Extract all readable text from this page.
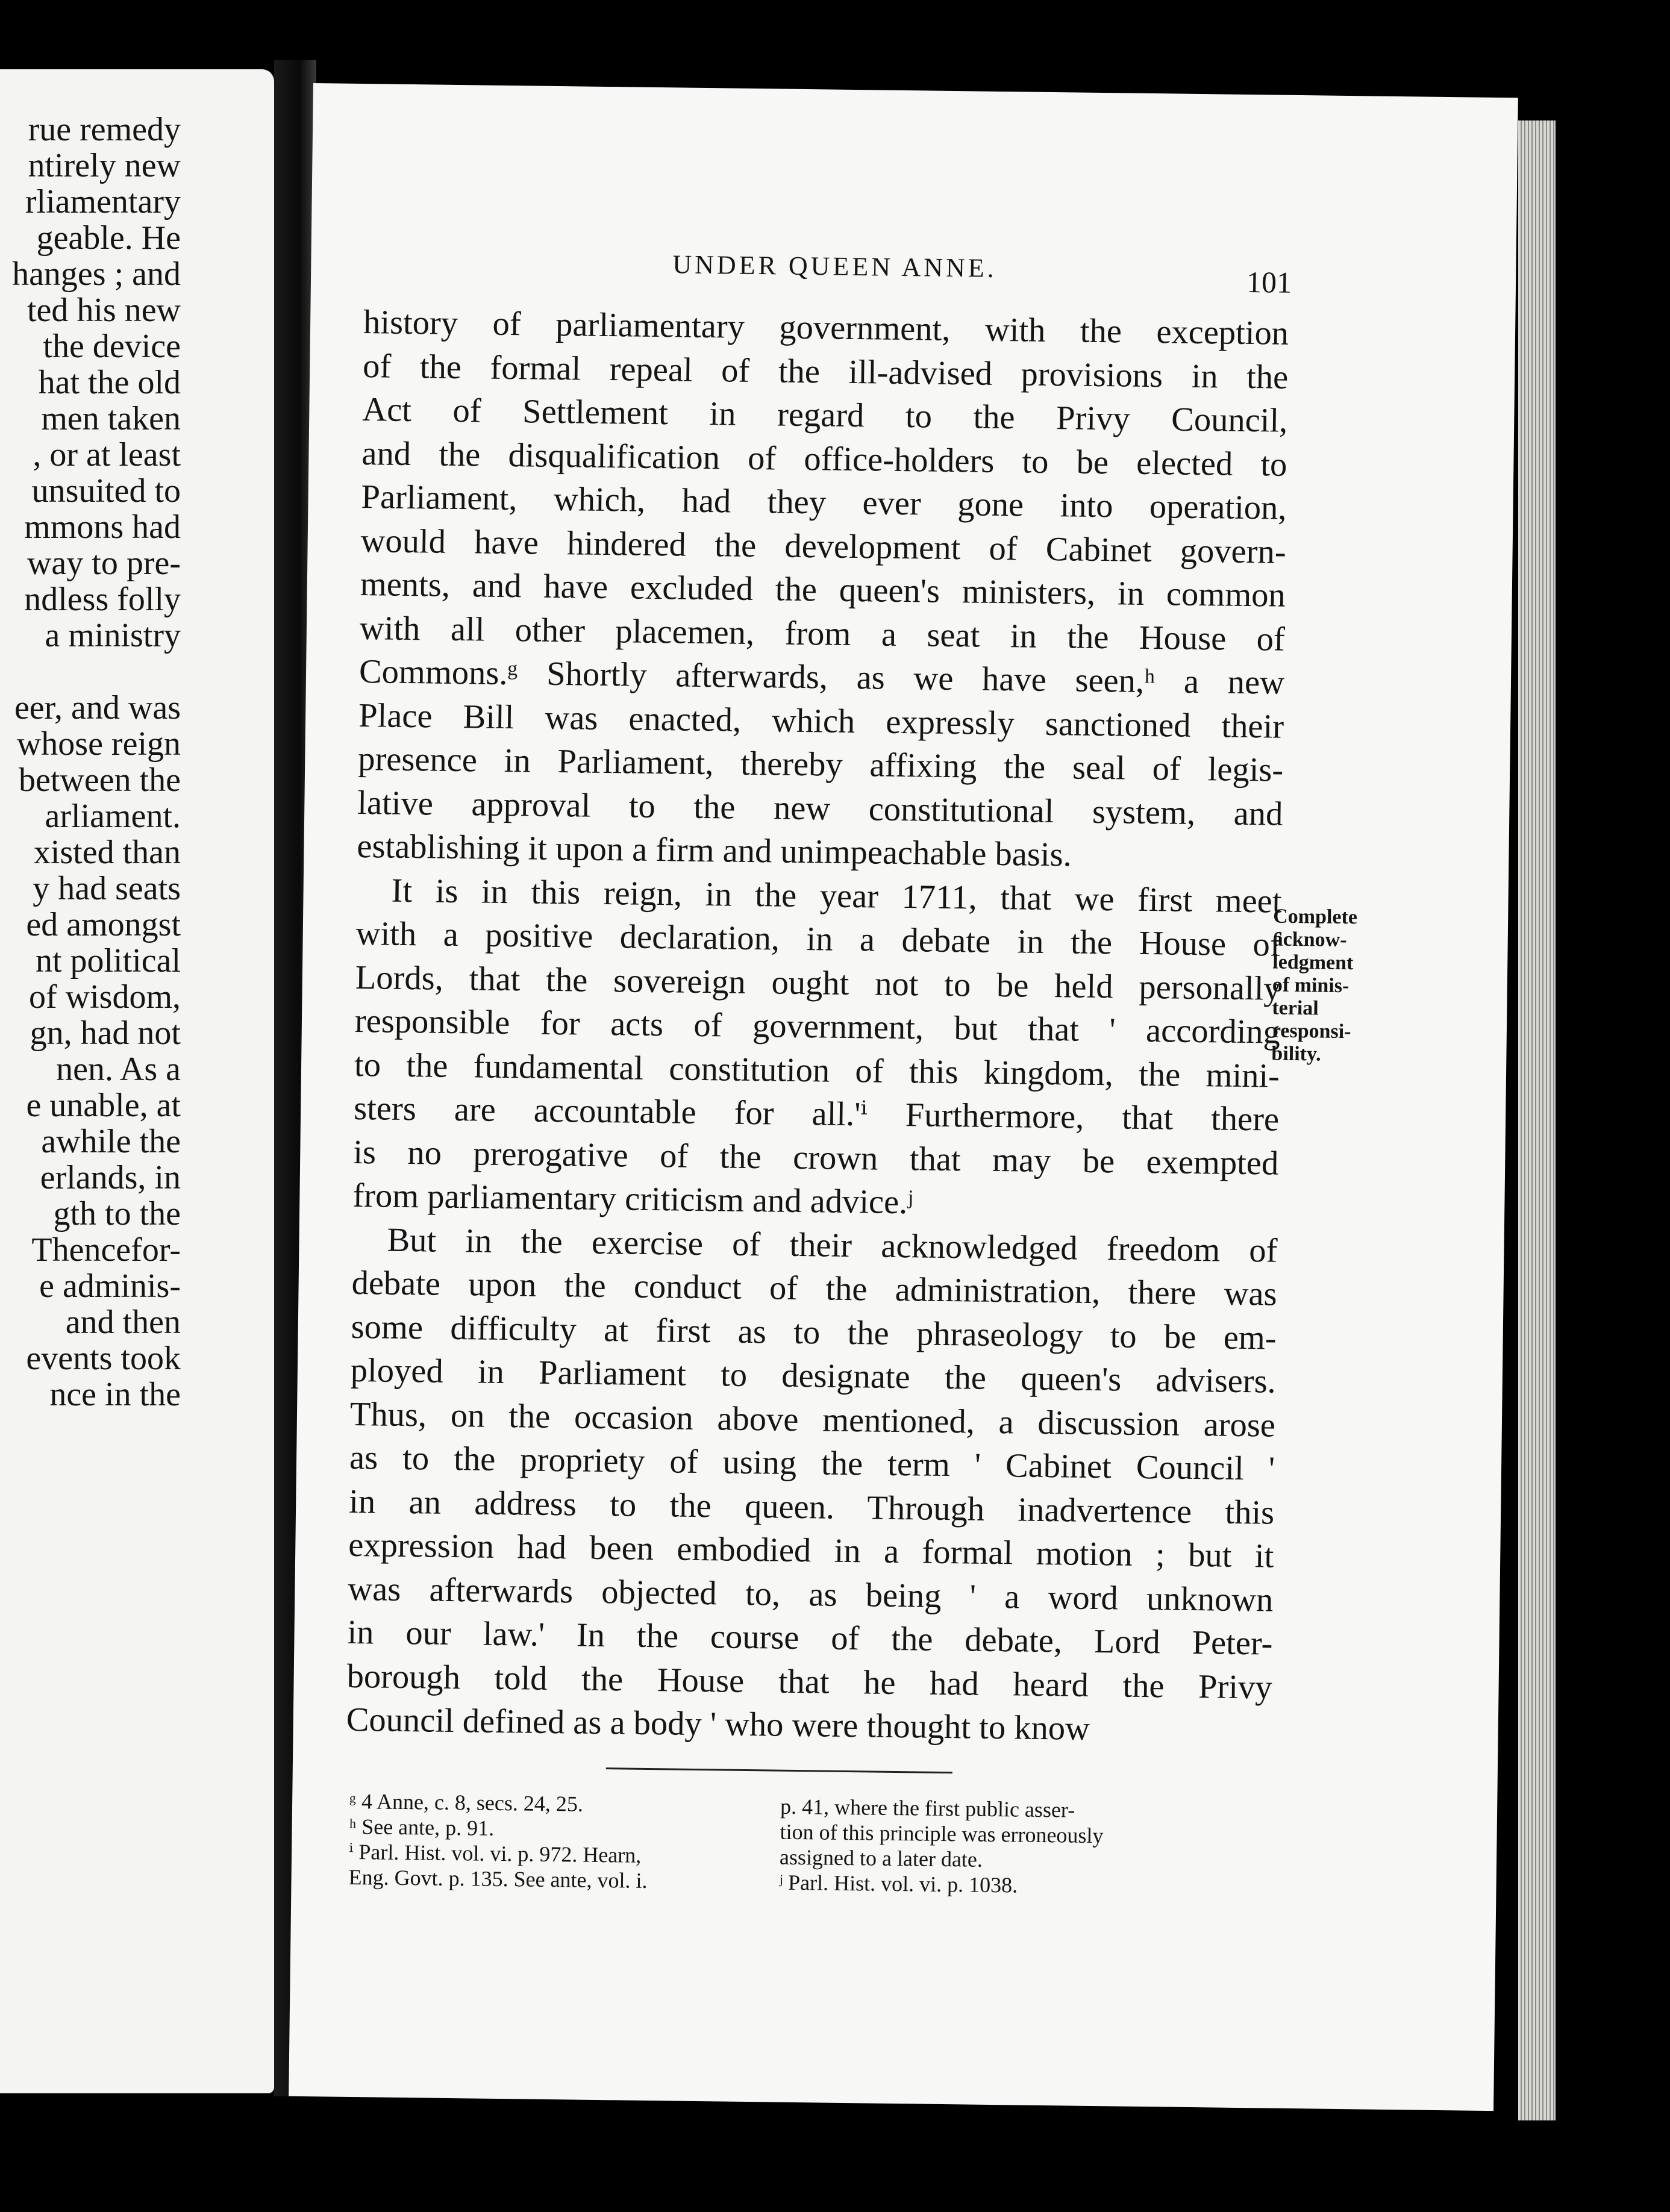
rue remedy
ntirely new
rliamentary
geable. He
hanges ; and
ted his new
the device
hat the old
men taken
, or at least
unsuited to
mmons had
way to pre-
ndless folly
a ministry
eer, and was
whose reign
between the
arliament.
xisted than
y had seats
ed amongst
nt political
of wisdom,
gn, had not
nen. As a
e unable, at
awhile the
erlands, in
gth to the
Thencefor-
e adminis-
and then
events took
nce in the
UNDER QUEEN ANNE.	101
history of parliamentary government, with the exception
of the formal repeal of the ill-advised provisions in the
Act of Settlement in regard to the Privy Council,
and the disqualification of office-holders to be elected to
Parliament, which, had they ever gone into operation,
would have hindered the development of Cabinet govern-
ments, and have excluded the queen's ministers, in common
with all other placemen, from a seat in the House of
Commons.ᵍ Shortly afterwards, as we have seen,ʰ a new
Place Bill was enacted, which expressly sanctioned their
presence in Parliament, thereby affixing the seal of legis-
lative approval to the new constitutional system, and
establishing it upon a firm and unimpeachable basis.
It is in this reign, in the year 1711, that we first meet
with a positive declaration, in a debate in the House of
Lords, that the sovereign ought not to be held personally
responsible for acts of government, but that ' according
to the fundamental constitution of this kingdom, the mini-
sters are accountable for all.'ⁱ Furthermore, that there
is no prerogative of the crown that may be exempted
from parliamentary criticism and advice.ʲ
But in the exercise of their acknowledged freedom of
debate upon the conduct of the administration, there was
some difficulty at first as to the phraseology to be em-
ployed in Parliament to designate the queen's advisers.
Thus, on the occasion above mentioned, a discussion arose
as to the propriety of using the term ' Cabinet Council '
in an address to the queen. Through inadvertence this
expression had been embodied in a formal motion ; but it
was afterwards objected to, as being ' a word unknown
in our law.' In the course of the debate, Lord Peter-
borough told the House that he had heard the Privy
Council defined as a body ' who were thought to know
Complete
acknow-
ledgment
of minis-
terial
responsi-
bility.
ᵍ 4 Anne, c. 8, secs. 24, 25.
ʰ See ante, p. 91.
ⁱ Parl. Hist. vol. vi. p. 972. Hearn,
Eng. Govt. p. 135. See ante, vol. i.
p. 41, where the first public asser-
tion of this principle was erroneously
assigned to a later date.
ʲ Parl. Hist. vol. vi. p. 1038.
